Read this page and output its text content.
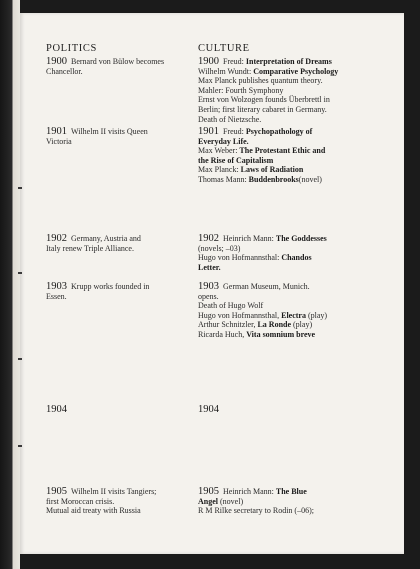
POLITICS	CULTURE
1900 Bernard von Bülow becomes
Chancellor.
1901 Wilhelm II visits Queen
Victoria
1902 Germany, Austria and
Italy renew Triple Alliance.
1903 Krupp works founded in
Essen.
1904
1905 Wilhelm II visits Tangiers;
first Moroccan crisis.
Mutual aid treaty with Russia
1900 Freud: Interpretation of Dreams
Wilhelm Wundt: Comparative Psychology
Max Planck publishes quantum theory.
Mahler: Fourth Symphony
Ernst von Wolzogen founds Überbrettl in
Berlin; first literary cabaret in Germany.
Death of Nietzsche.
1901 Freud: Psychopathology of
Everyday Life.
Max Weber: The Protestant Ethic and
the Rise of Capitalism
Max Planck: Laws of Radiation
Thomas Mann: Buddenbrooks(novel)
1902 Heinrich Mann: The Goddesses
(novels; –03)
Hugo von Hofmannsthal: Chandos
Letter.
1903 German Museum, Munich.
opens.
Death of Hugo Wolf
Hugo von Hofmannsthal, Electra (play)
Arthur Schnitzler, La Ronde (play)
Ricarda Huch, Vita somnium breve
1904
1905 Heinrich Mann: The Blue
Angel (novel)
R M Rilke secretary to Rodin (–06);
